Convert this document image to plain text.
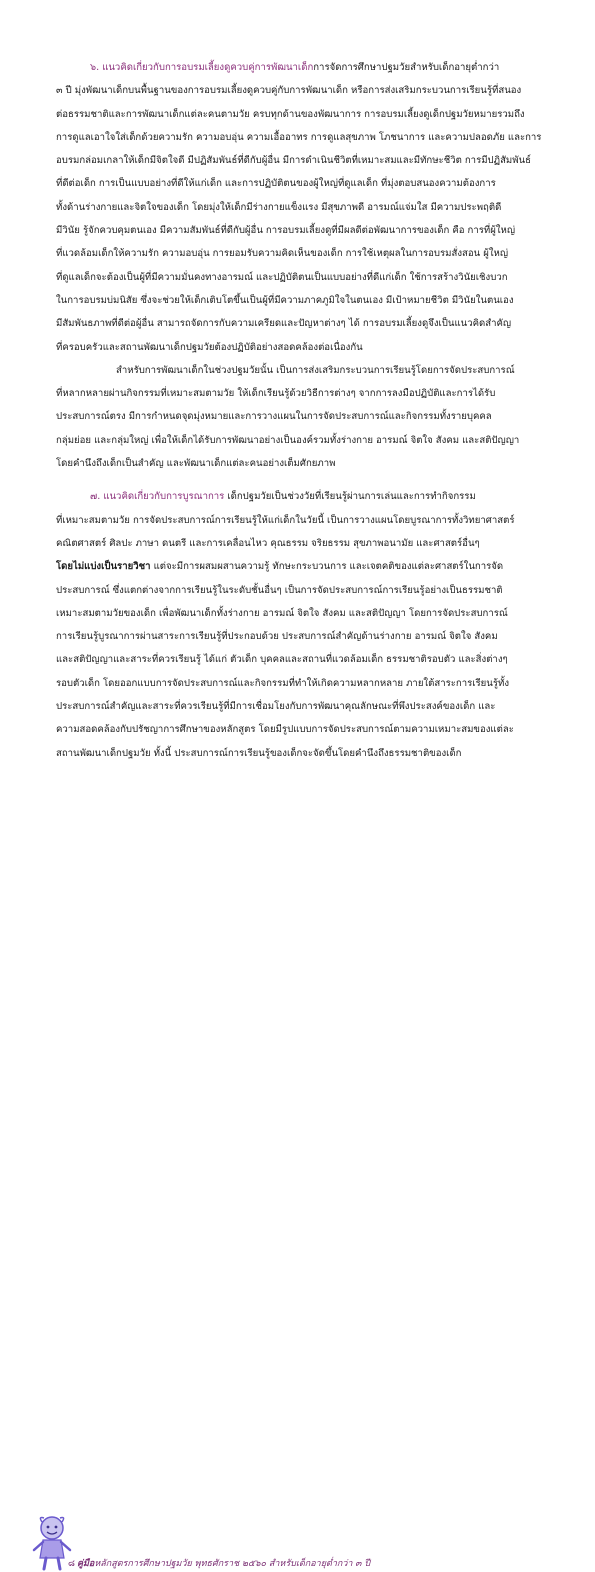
๖. แนวคิดเกี่ยวกับการอบรมเลี้ยงดูควบคู่การพัฒนาเด็กการจัดการศึกษาปฐมวัยสำหรับเด็กอายุต่ำกว่า
๓ ปี มุ่งพัฒนาเด็กบนพื้นฐานของการอบรมเลี้ยงดูควบคู่กับการพัฒนาเด็ก หรือการส่งเสริมกระบวนการเรียนรู้ที่สนอง
ต่อธรรมชาติและการพัฒนาเด็กแต่ละคนตามวัย ครบทุกด้านของพัฒนาการ การอบรมเลี้ยงดูเด็กปฐมวัยหมายรวมถึง
การดูแลเอาใจใส่เด็กด้วยความรัก ความอบอุ่น ความเอื้ออาทร การดูแลสุขภาพ โภชนาการ และความปลอดภัย และการ
อบรมกล่อมเกลาให้เด็กมีจิตใจดี มีปฏิสัมพันธ์ที่ดีกับผู้อื่น มีการดำเนินชีวิตที่เหมาะสมและมีทักษะชีวิต การมีปฏิสัมพันธ์
ที่ดีต่อเด็ก การเป็นแบบอย่างที่ดีให้แก่เด็ก และการปฏิบัติตนของผู้ใหญ่ที่ดูแลเด็ก ที่มุ่งตอบสนองความต้องการ
ทั้งด้านร่างกายและจิตใจของเด็ก โดยมุ่งให้เด็กมีร่างกายแข็งแรง มีสุขภาพดี อารมณ์แจ่มใส มีความประพฤติดี
มีวินัย รู้จักควบคุมตนเอง มีความสัมพันธ์ที่ดีกับผู้อื่น การอบรมเลี้ยงดูที่มีผลดีต่อพัฒนาการของเด็ก คือ การที่ผู้ใหญ่
ที่แวดล้อมเด็กให้ความรัก ความอบอุ่น การยอมรับความคิดเห็นของเด็ก การใช้เหตุผลในการอบรมสั่งสอน ผู้ใหญ่
ที่ดูแลเด็กจะต้องเป็นผู้ที่มีความมั่นคงทางอารมณ์ และปฏิบัติตนเป็นแบบอย่างที่ดีแก่เด็ก ใช้การสร้างวินัยเชิงบวก
ในการอบรมบ่มนิสัย ซึ่งจะช่วยให้เด็กเติบโตขึ้นเป็นผู้ที่มีความภาคภูมิใจในตนเอง มีเป้าหมายชีวิต มีวินัยในตนเอง
มีสัมพันธภาพที่ดีต่อผู้อื่น สามารถจัดการกับความเครียดและปัญหาต่างๆ ได้ การอบรมเลี้ยงดูจึงเป็นแนวคิดสำคัญ
ที่ครอบครัวและสถานพัฒนาเด็กปฐมวัยต้องปฏิบัติอย่างสอดคล้องต่อเนื่องกัน

สำหรับการพัฒนาเด็กในช่วงปฐมวัยนั้น เป็นการส่งเสริมกระบวนการเรียนรู้โดยการจัดประสบการณ์
ที่หลากหลายผ่านกิจกรรมที่เหมาะสมตามวัย ให้เด็กเรียนรู้ด้วยวิธีการต่างๆ จากการลงมือปฏิบัติและการได้รับ
ประสบการณ์ตรง มีการกำหนดจุดมุ่งหมายและการวางแผนในการจัดประสบการณ์และกิจกรรมทั้งรายบุคคล
กลุ่มย่อย และกลุ่มใหญ่ เพื่อให้เด็กได้รับการพัฒนาอย่างเป็นองค์รวมทั้งร่างกาย อารมณ์ จิตใจ สังคม และสติปัญญา
โดยคำนึงถึงเด็กเป็นสำคัญ และพัฒนาเด็กแต่ละคนอย่างเต็มศักยภาพ

๗. แนวคิดเกี่ยวกับการบูรณาการ เด็กปฐมวัยเป็นช่วงวัยที่เรียนรู้ผ่านการเล่นและการทำกิจกรรม
ที่เหมาะสมตามวัย การจัดประสบการณ์การเรียนรู้ให้แก่เด็กในวัยนี้ เป็นการวางแผนโดยบูรณาการทั้งวิทยาศาสตร์
คณิตศาสตร์ ศิลปะ ภาษา ดนตรี และการเคลื่อนไหว คุณธรรม จริยธรรม สุขภาพอนามัย และศาสตร์อื่นๆ
โดยไม่แบ่งเป็นรายวิชา แต่จะมีการผสมผสานความรู้ ทักษะกระบวนการ และเจตคติของแต่ละศาสตร์ในการจัด
ประสบการณ์ ซึ่งแตกต่างจากการเรียนรู้ในระดับชั้นอื่นๆ เป็นการจัดประสบการณ์การเรียนรู้อย่างเป็นธรรมชาติ
เหมาะสมตามวัยของเด็ก เพื่อพัฒนาเด็กทั้งร่างกาย อารมณ์ จิตใจ สังคม และสติปัญญา โดยการจัดประสบการณ์
การเรียนรู้บูรณาการผ่านสาระการเรียนรู้ที่ประกอบด้วย ประสบการณ์สำคัญด้านร่างกาย อารมณ์ จิตใจ สังคม
และสติปัญญาและสาระที่ควรเรียนรู้ ได้แก่ ตัวเด็ก บุคคลและสถานที่แวดล้อมเด็ก ธรรมชาติรอบตัว และสิ่งต่างๆ
รอบตัวเด็ก โดยออกแบบการจัดประสบการณ์และกิจกรรมที่ทำให้เกิดความหลากหลาย ภายใต้สาระการเรียนรู้ทั้ง
ประสบการณ์สำคัญและสาระที่ควรเรียนรู้ที่มีการเชื่อมโยงกับการพัฒนาคุณลักษณะที่พึงประสงค์ของเด็ก และ
ความสอดคล้องกับปรัชญาการศึกษาของหลักสูตร โดยมีรูปแบบการจัดประสบการณ์ตามความเหมาะสมของแต่ละ
สถานพัฒนาเด็กปฐมวัย ทั้งนี้ ประสบการณ์การเรียนรู้ของเด็กจะจัดขึ้นโดยคำนึงถึงธรรมชาติของเด็ก

๘ คู่มือหลักสูตรการศึกษาปฐมวัย พุทธศักราช ๒๕๖๐ สำหรับเด็กอายุต่ำกว่า ๓ ปี
